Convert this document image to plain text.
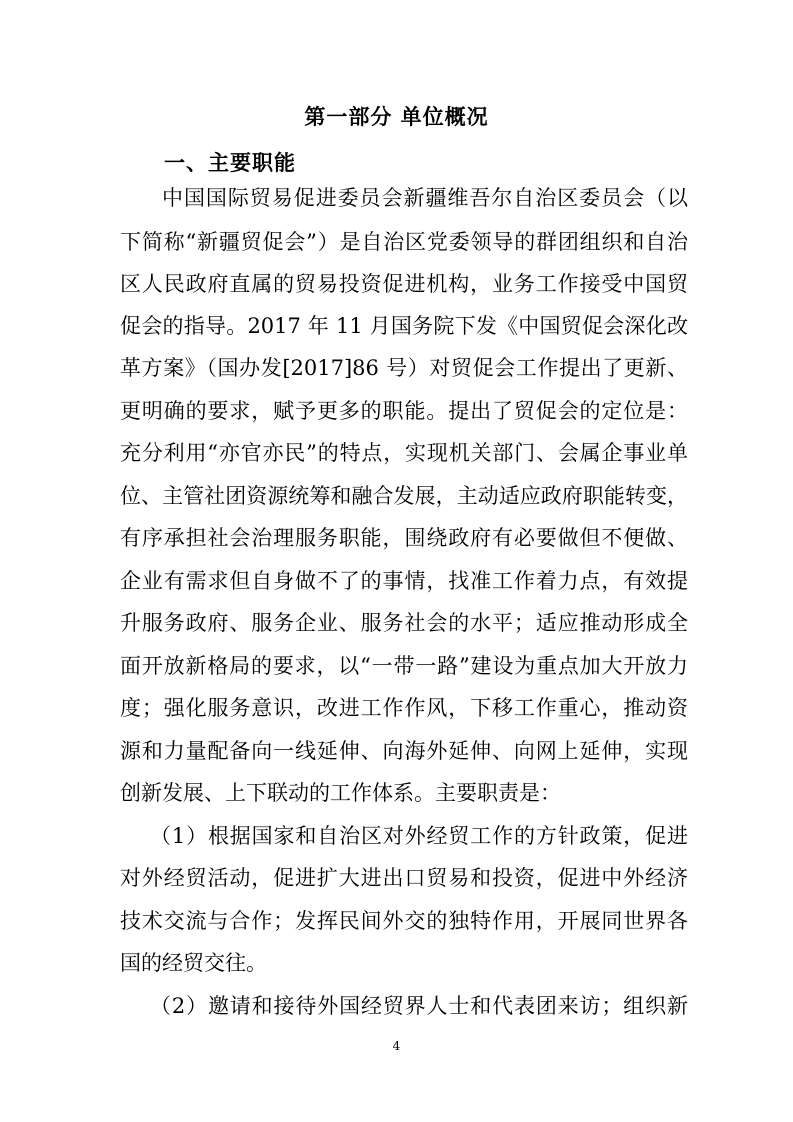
第一部分 单位概况
一、主要职能
中国国际贸易促进委员会新疆维吾尔自治区委员会（以
下简称“新疆贸促会”）是自治区党委领导的群团组织和自治
区人民政府直属的贸易投资促进机构，业务工作接受中国贸
促会的指导。2017 年 11 月国务院下发《中国贸促会深化改
革方案》（国办发[2017]86 号）对贸促会工作提出了更新、
更明确的要求，赋予更多的职能。提出了贸促会的定位是：
充分利用“亦官亦民”的特点，实现机关部门、会属企事业单
位、主管社团资源统筹和融合发展，主动适应政府职能转变，
有序承担社会治理服务职能，围绕政府有必要做但不便做、
企业有需求但自身做不了的事情，找准工作着力点，有效提
升服务政府、服务企业、服务社会的水平；适应推动形成全
面开放新格局的要求，以“一带一路”建设为重点加大开放力
度；强化服务意识，改进工作作风，下移工作重心，推动资
源和力量配备向一线延伸、向海外延伸、向网上延伸，实现
创新发展、上下联动的工作体系。主要职责是：
（1）根据国家和自治区对外经贸工作的方针政策，促进
对外经贸活动，促进扩大进出口贸易和投资，促进中外经济
技术交流与合作；发挥民间外交的独特作用，开展同世界各
国的经贸交往。
（2）邀请和接待外国经贸界人士和代表团来访；组织新
4
